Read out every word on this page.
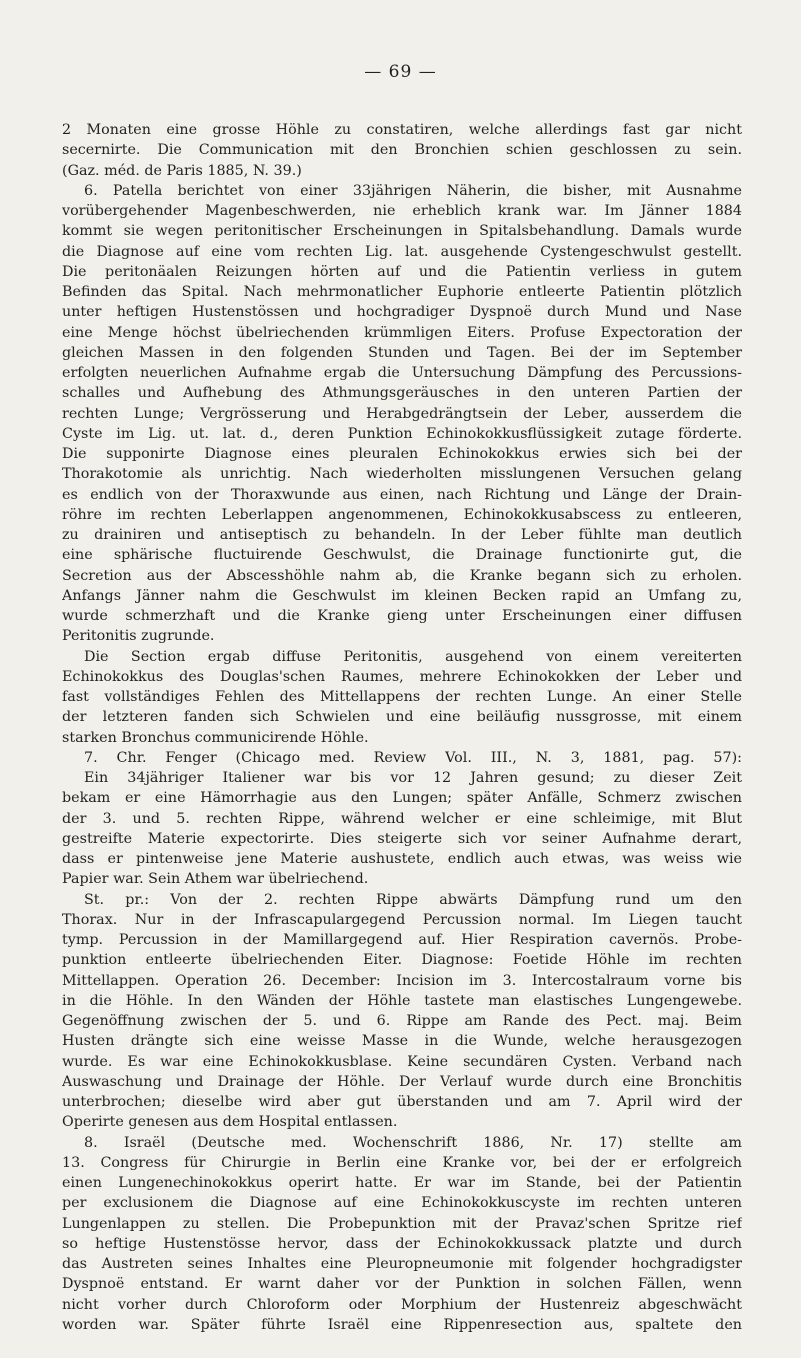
— 69 —
2 Monaten eine grosse Höhle zu constatiren, welche allerdings fast gar nicht
secernirte. Die Communication mit den Bronchien schien geschlossen zu sein.
(Gaz. méd. de Paris 1885, N. 39.)
6. Patella berichtet von einer 33jährigen Näherin, die bisher, mit Ausnahme
vorübergehender Magenbeschwerden, nie erheblich krank war. Im Jänner 1884
kommt sie wegen peritonitischer Erscheinungen in Spitalsbehandlung. Damals wurde
die Diagnose auf eine vom rechten Lig. lat. ausgehende Cystengeschwulst gestellt.
Die peritonäalen Reizungen hörten auf und die Patientin verliess in gutem
Befinden das Spital. Nach mehrmonatlicher Euphorie entleerte Patientin plötzlich
unter heftigen Hustenstössen und hochgradiger Dyspnoë durch Mund und Nase
eine Menge höchst übelriechenden krümmligen Eiters. Profuse Expectoration der
gleichen Massen in den folgenden Stunden und Tagen. Bei der im September
erfolgten neuerlichen Aufnahme ergab die Untersuchung Dämpfung des Percussions-
schalles und Aufhebung des Athmungsgeräusches in den unteren Partien der
rechten Lunge; Vergrösserung und Herabgedrängtsein der Leber, ausserdem die
Cyste im Lig. ut. lat. d., deren Punktion Echinokokkusflüssigkeit zutage förderte.
Die supponirte Diagnose eines pleuralen Echinokokkus erwies sich bei der
Thorakotomie als unrichtig. Nach wiederholten misslungenen Versuchen gelang
es endlich von der Thoraxwunde aus einen, nach Richtung und Länge der Drain-
röhre im rechten Leberlappen angenommenen, Echinokokkusabscess zu entleeren,
zu drainiren und antiseptisch zu behandeln. In der Leber fühlte man deutlich
eine sphärische fluctuirende Geschwulst, die Drainage functionirte gut, die
Secretion aus der Abscesshöhle nahm ab, die Kranke begann sich zu erholen.
Anfangs Jänner nahm die Geschwulst im kleinen Becken rapid an Umfang zu,
wurde schmerzhaft und die Kranke gieng unter Erscheinungen einer diffusen
Peritonitis zugrunde.
Die Section ergab diffuse Peritonitis, ausgehend von einem vereiterten
Echinokokkus des Douglas'schen Raumes, mehrere Echinokokken der Leber und
fast vollständiges Fehlen des Mittellappens der rechten Lunge. An einer Stelle
der letzteren fanden sich Schwielen und eine beiläufig nussgrosse, mit einem
starken Bronchus communicirende Höhle.
7. Chr. Fenger (Chicago med. Review Vol. III., N. 3, 1881, pag. 57):
Ein 34jähriger Italiener war bis vor 12 Jahren gesund; zu dieser Zeit
bekam er eine Hämorrhagie aus den Lungen; später Anfälle, Schmerz zwischen
der 3. und 5. rechten Rippe, während welcher er eine schleimige, mit Blut
gestreifte Materie expectorirte. Dies steigerte sich vor seiner Aufnahme derart,
dass er pintenweise jene Materie aushustete, endlich auch etwas, was weiss wie
Papier war. Sein Athem war übelriechend.
St. pr.: Von der 2. rechten Rippe abwärts Dämpfung rund um den
Thorax. Nur in der Infrascapulargegend Percussion normal. Im Liegen taucht
tymp. Percussion in der Mamillargegend auf. Hier Respiration cavernös. Probe-
punktion entleerte übelriechenden Eiter. Diagnose: Foetide Höhle im rechten
Mittellappen. Operation 26. December: Incision im 3. Intercostalraum vorne bis
in die Höhle. In den Wänden der Höhle tastete man elastisches Lungengewebe.
Gegenöffnung zwischen der 5. und 6. Rippe am Rande des Pect. maj. Beim
Husten drängte sich eine weisse Masse in die Wunde, welche herausgezogen
wurde. Es war eine Echinokokkusblase. Keine secundären Cysten. Verband nach
Auswaschung und Drainage der Höhle. Der Verlauf wurde durch eine Bronchitis
unterbrochen; dieselbe wird aber gut überstanden und am 7. April wird der
Operirte genesen aus dem Hospital entlassen.
8. Israël (Deutsche med. Wochenschrift 1886, Nr. 17) stellte am
13. Congress für Chirurgie in Berlin eine Kranke vor, bei der er erfolgreich
einen Lungenechinokokkus operirt hatte. Er war im Stande, bei der Patientin
per exclusionem die Diagnose auf eine Echinokokkuscyste im rechten unteren
Lungenlappen zu stellen. Die Probepunktion mit der Pravaz'schen Spritze rief
so heftige Hustenstösse hervor, dass der Echinokokkussack platzte und durch
das Austreten seines Inhaltes eine Pleuropneumonie mit folgender hochgradigster
Dyspnoë entstand. Er warnt daher vor der Punktion in solchen Fällen, wenn
nicht vorher durch Chloroform oder Morphium der Hustenreiz abgeschwächt
worden war. Später führte Israël eine Rippenresection aus, spaltete den
